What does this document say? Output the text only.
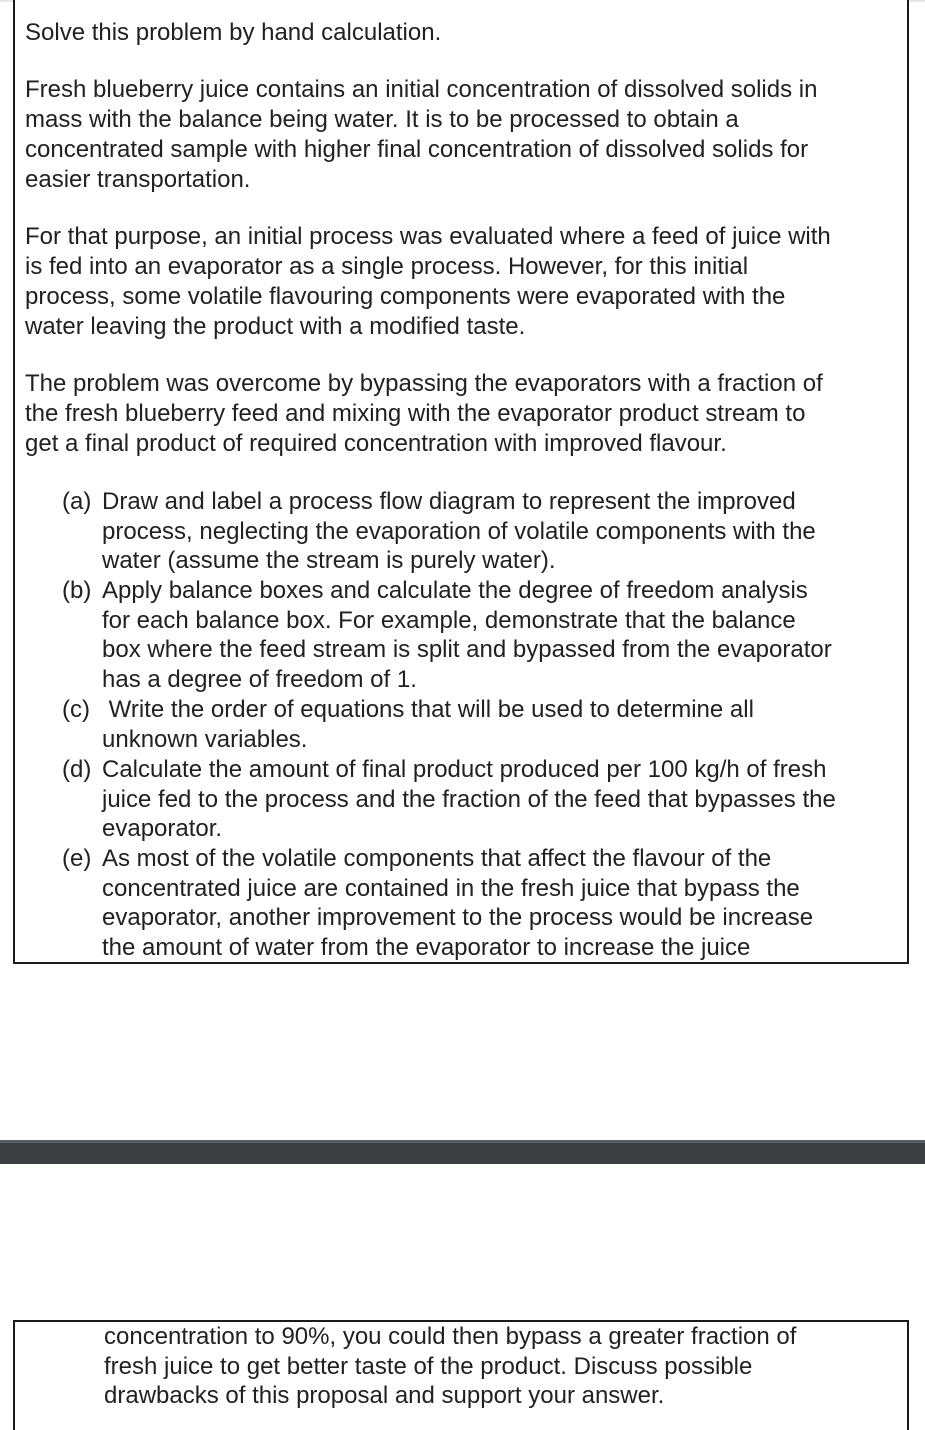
Solve this problem by hand calculation.

Fresh blueberry juice contains an initial concentration of dissolved solids in
mass with the balance being water. It is to be processed to obtain a
concentrated sample with higher final concentration of dissolved solids for
easier transportation.

For that purpose, an initial process was evaluated where a feed of juice with
is fed into an evaporator as a single process. However, for this initial
process, some volatile flavouring components were evaporated with the
water leaving the product with a modified taste.

The problem was overcome by bypassing the evaporators with a fraction of
the fresh blueberry feed and mixing with the evaporator product stream to
get a final product of required concentration with improved flavour.

(a) Draw and label a process flow diagram to represent the improved
process, neglecting the evaporation of volatile components with the
water (assume the stream is purely water).
(b) Apply balance boxes and calculate the degree of freedom analysis
for each balance box. For example, demonstrate that the balance
box where the feed stream is split and bypassed from the evaporator
has a degree of freedom of 1.
(c) Write the order of equations that will be used to determine all
unknown variables.
(d) Calculate the amount of final product produced per 100 kg/h of fresh
juice fed to the process and the fraction of the feed that bypasses the
evaporator.
(e) As most of the volatile components that affect the flavour of the
concentrated juice are contained in the fresh juice that bypass the
evaporator, another improvement to the process would be increase
the amount of water from the evaporator to increase the juice

concentration to 90%, you could then bypass a greater fraction of
fresh juice to get better taste of the product. Discuss possible
drawbacks of this proposal and support your answer.
